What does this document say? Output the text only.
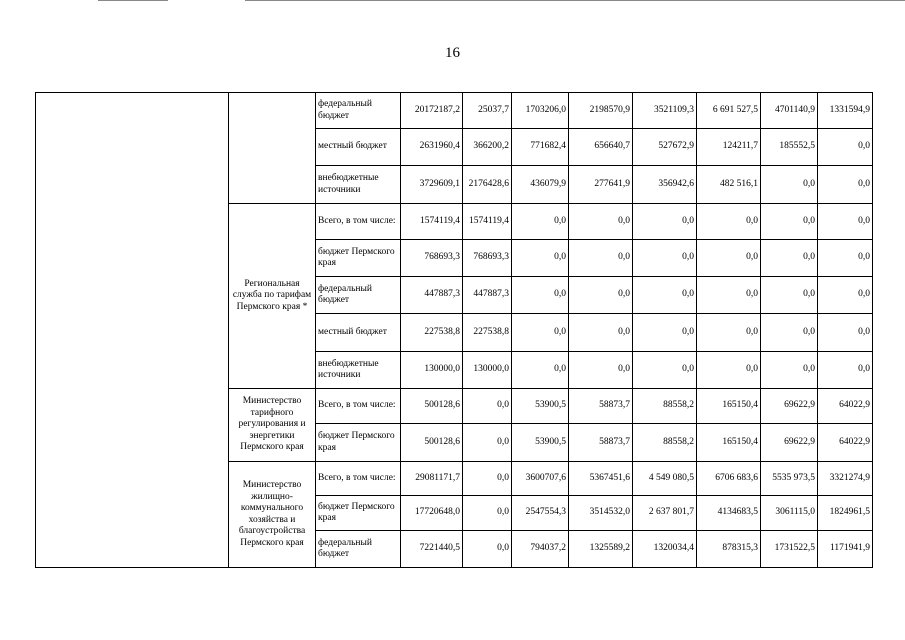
16
		федеральный бюджет	20172187,2	25037,7	1703206,0	2198570,9	3521109,3	6 691 527,5	4701140,9	1331594,9
		местный бюджет	2631960,4	366200,2	771682,4	656640,7	527672,9	124211,7	185552,5	0,0
		внебюджетные источники	3729609,1	2176428,6	436079,9	277641,9	356942,6	482 516,1	0,0	0,0
	Региональная служба по тарифам Пермского края *	Всего, в том числе:	1574119,4	1574119,4	0,0	0,0	0,0	0,0	0,0	0,0
		бюджет Пермского края	768693,3	768693,3	0,0	0,0	0,0	0,0	0,0	0,0
		федеральный бюджет	447887,3	447887,3	0,0	0,0	0,0	0,0	0,0	0,0
		местный бюджет	227538,8	227538,8	0,0	0,0	0,0	0,0	0,0	0,0
		внебюджетные источники	130000,0	130000,0	0,0	0,0	0,0	0,0	0,0	0,0
	Министерство тарифного регулирования и энергетики Пермского края	Всего, в том числе:	500128,6	0,0	53900,5	58873,7	88558,2	165150,4	69622,9	64022,9
		бюджет Пермского края	500128,6	0,0	53900,5	58873,7	88558,2	165150,4	69622,9	64022,9
	Министерство жилищно-коммунального хозяйства и благоустройства Пермского края	Всего, в том числе:	29081171,7	0,0	3600707,6	5367451,6	4 549 080,5	6706 683,6	5535 973,5	3321274,9
		бюджет Пермского края	17720648,0	0,0	2547554,3	3514532,0	2 637 801,7	4134683,5	3061115,0	1824961,5
		федеральный бюджет	7221440,5	0,0	794037,2	1325589,2	1320034,4	878315,3	1731522,5	1171941,9
